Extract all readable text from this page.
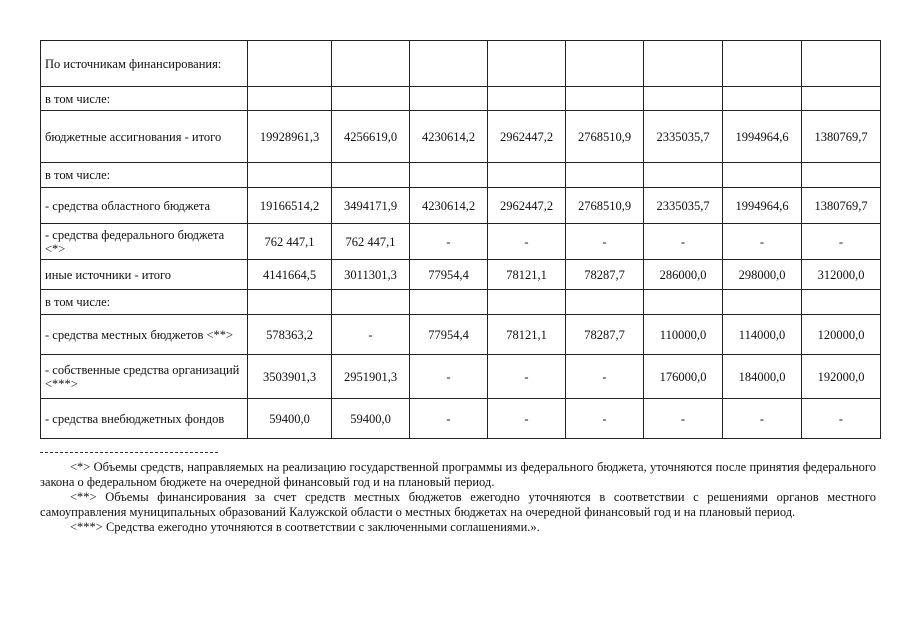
По источникам финансирования:								
в том числе:								
бюджетные ассигнования - итого	19928961,3	4256619,0	4230614,2	2962447,2	2768510,9	2335035,7	1994964,6	1380769,7
в том числе:								
- средства областного бюджета	19166514,2	3494171,9	4230614,2	2962447,2	2768510,9	2335035,7	1994964,6	1380769,7
- средства федерального бюджета <*>	762 447,1	762 447,1	-	-	-	-	-	-
иные источники - итого	4141664,5	3011301,3	77954,4	78121,1	78287,7	286000,0	298000,0	312000,0
в том числе:								
- средства местных бюджетов <**>	578363,2	-	77954,4	78121,1	78287,7	110000,0	114000,0	120000,0
- собственные средства организаций <***>	3503901,3	2951901,3	-	-	-	176000,0	184000,0	192000,0
- средства внебюджетных фондов	59400,0	59400,0	-	-	-	-	-	-

<*> Объемы средств, направляемых на реализацию государственной программы из федерального бюджета, уточняются после принятия федерального закона о федеральном бюджете на очередной финансовый год и на плановый период.

<**> Объемы финансирования за счет средств местных бюджетов ежегодно уточняются в соответствии с решениями органов местного самоуправления муниципальных образований Калужской области о местных бюджетах на очередной финансовый год и на плановый период.

<***> Средства ежегодно уточняются в соответствии с заключенными соглашениями.».
